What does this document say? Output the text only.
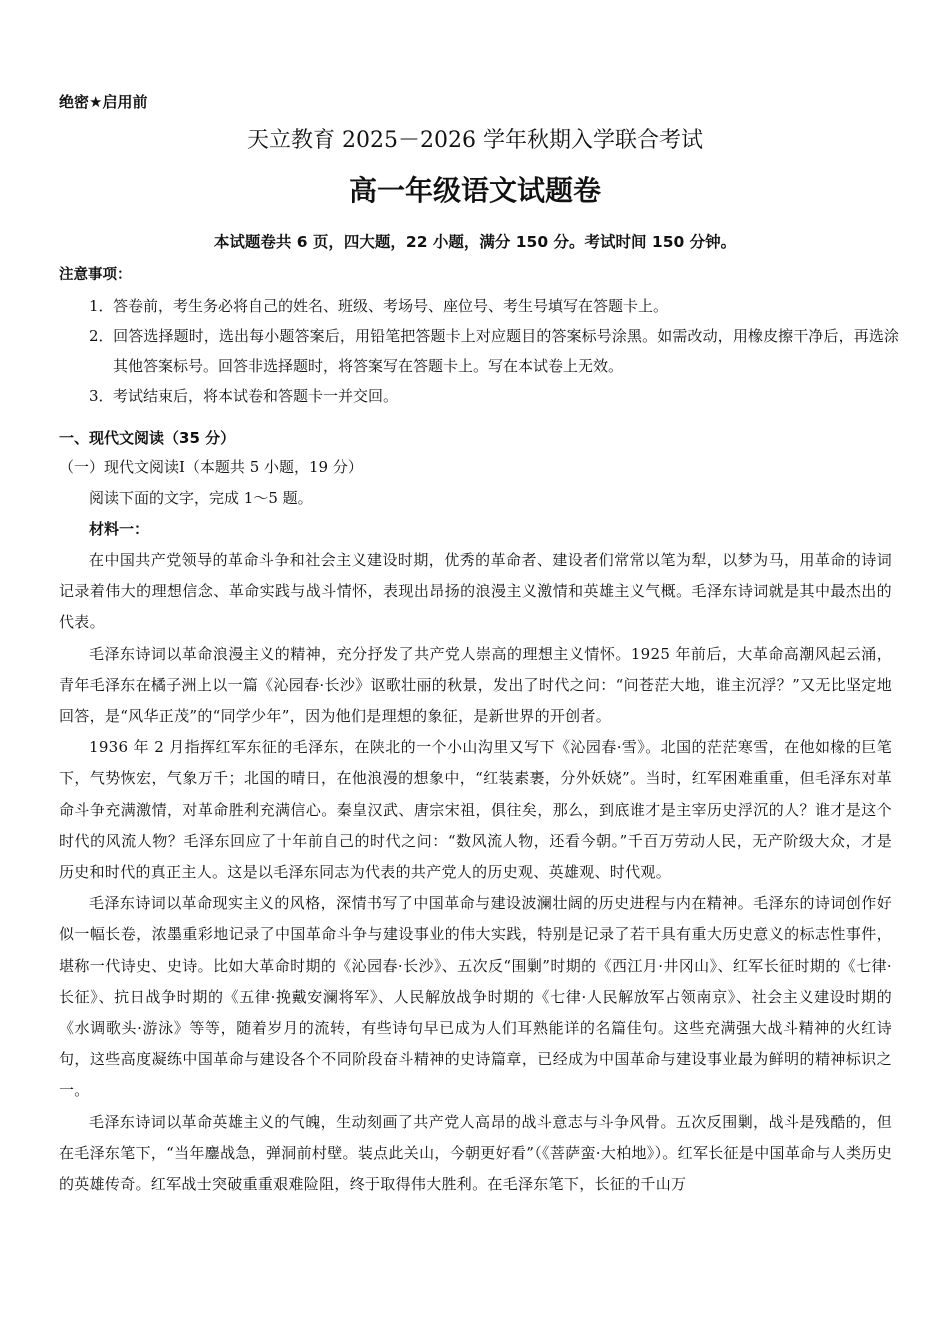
绝密★启用前
天立教育 2025－2026 学年秋期入学联合考试
高一年级语文试题卷
本试题卷共 6 页，四大题，22 小题，满分 150 分。考试时间 150 分钟。
注意事项：
1．答卷前，考生务必将自己的姓名、班级、考场号、座位号、考生号填写在答题卡上。
2．回答选择题时，选出每小题答案后，用铅笔把答题卡上对应题目的答案标号涂黑。如需改动，用橡皮擦干净后，再选涂其他答案标号。回答非选择题时，将答案写在答题卡上。写在本试卷上无效。
3．考试结束后，将本试卷和答题卡一并交回。
一、现代文阅读（35 分）
（一）现代文阅读Ⅰ（本题共 5 小题，19 分）
阅读下面的文字，完成 1～5 题。
材料一：

在中国共产党领导的革命斗争和社会主义建设时期，优秀的革命者、建设者们常常以笔为犁，以梦为马，用革命的诗词记录着伟大的理想信念、革命实践与战斗情怀，表现出昂扬的浪漫主义激情和英雄主义气概。毛泽东诗词就是其中最杰出的代表。

毛泽东诗词以革命浪漫主义的精神，充分抒发了共产党人崇高的理想主义情怀。1925 年前后，大革命高潮风起云涌，青年毛泽东在橘子洲上以一篇《沁园春·长沙》讴歌壮丽的秋景，发出了时代之问：“问苍茫大地，谁主沉浮？”又无比坚定地回答，是“风华正茂”的“同学少年”，因为他们是理想的象征，是新世界的开创者。

1936 年 2 月指挥红军东征的毛泽东，在陕北的一个小山沟里又写下《沁园春·雪》。北国的茫茫寒雪，在他如椽的巨笔下，气势恢宏，气象万千；北国的晴日，在他浪漫的想象中，“红装素裹，分外妖娆”。当时，红军困难重重，但毛泽东对革命斗争充满激情，对革命胜利充满信心。秦皇汉武、唐宗宋祖，俱往矣，那么，到底谁才是主宰历史浮沉的人？谁才是这个时代的风流人物？毛泽东回应了十年前自己的时代之问：“数风流人物，还看今朝。”千百万劳动人民，无产阶级大众，才是历史和时代的真正主人。这是以毛泽东同志为代表的共产党人的历史观、英雄观、时代观。

毛泽东诗词以革命现实主义的风格，深情书写了中国革命与建设波澜壮阔的历史进程与内在精神。毛泽东的诗词创作好似一幅长卷，浓墨重彩地记录了中国革命斗争与建设事业的伟大实践，特别是记录了若干具有重大历史意义的标志性事件，堪称一代诗史、史诗。比如大革命时期的《沁园春·长沙》、五次反“围剿”时期的《西江月·井冈山》、红军长征时期的《七律·长征》、抗日战争时期的《五律·挽戴安澜将军》、人民解放战争时期的《七律·人民解放军占领南京》、社会主义建设时期的《水调歌头·游泳》等等，随着岁月的流转，有些诗句早已成为人们耳熟能详的名篇佳句。这些充满强大战斗精神的火红诗句，这些高度凝练中国革命与建设各个不同阶段奋斗精神的史诗篇章，已经成为中国革命与建设事业最为鲜明的精神标识之一。

毛泽东诗词以革命英雄主义的气魄，生动刻画了共产党人高昂的战斗意志与斗争风骨。五次反围剿，战斗是残酷的，但在毛泽东笔下，“当年鏖战急，弹洞前村壁。装点此关山，今朝更好看”（《菩萨蛮·大柏地》）。红军长征是中国革命与人类历史的英雄传奇。红军战士突破重重艰难险阻，终于取得伟大胜利。在毛泽东笔下，长征的千山万
